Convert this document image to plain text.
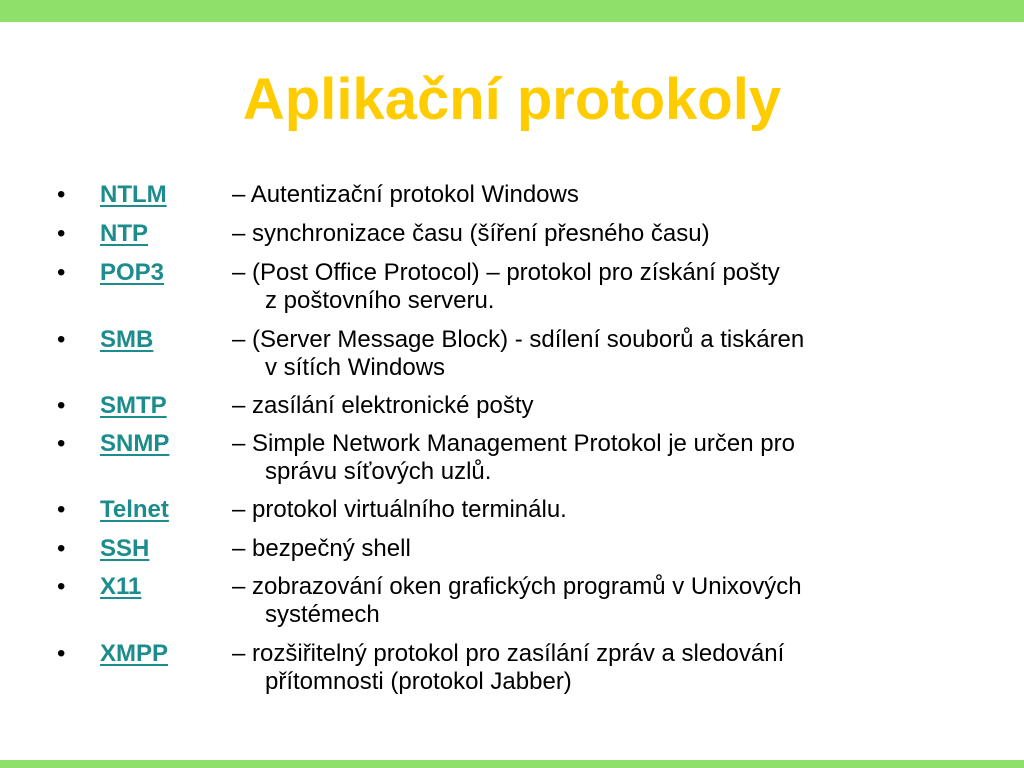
Aplikační protokoly
• NTLM	– Autentizační protokol Windows
• NTP	– synchronizace času (šíření přesného času)
• POP3	– (Post Office Protocol) – protokol pro získání pošty
z poštovního serveru.
• SMB	– (Server Message Block) - sdílení souborů a tiskáren
v sítích Windows
• SMTP	– zasílání elektronické pošty
• SNMP	– Simple Network Management Protokol je určen pro
správu síťových uzlů.
• Telnet	– protokol virtuálního terminálu.
• SSH	– bezpečný shell
• X11	– zobrazování oken grafických programů v Unixových
systémech
• XMPP	– rozšiřitelný protokol pro zasílání zpráv a sledování
přítomnosti (protokol Jabber)
